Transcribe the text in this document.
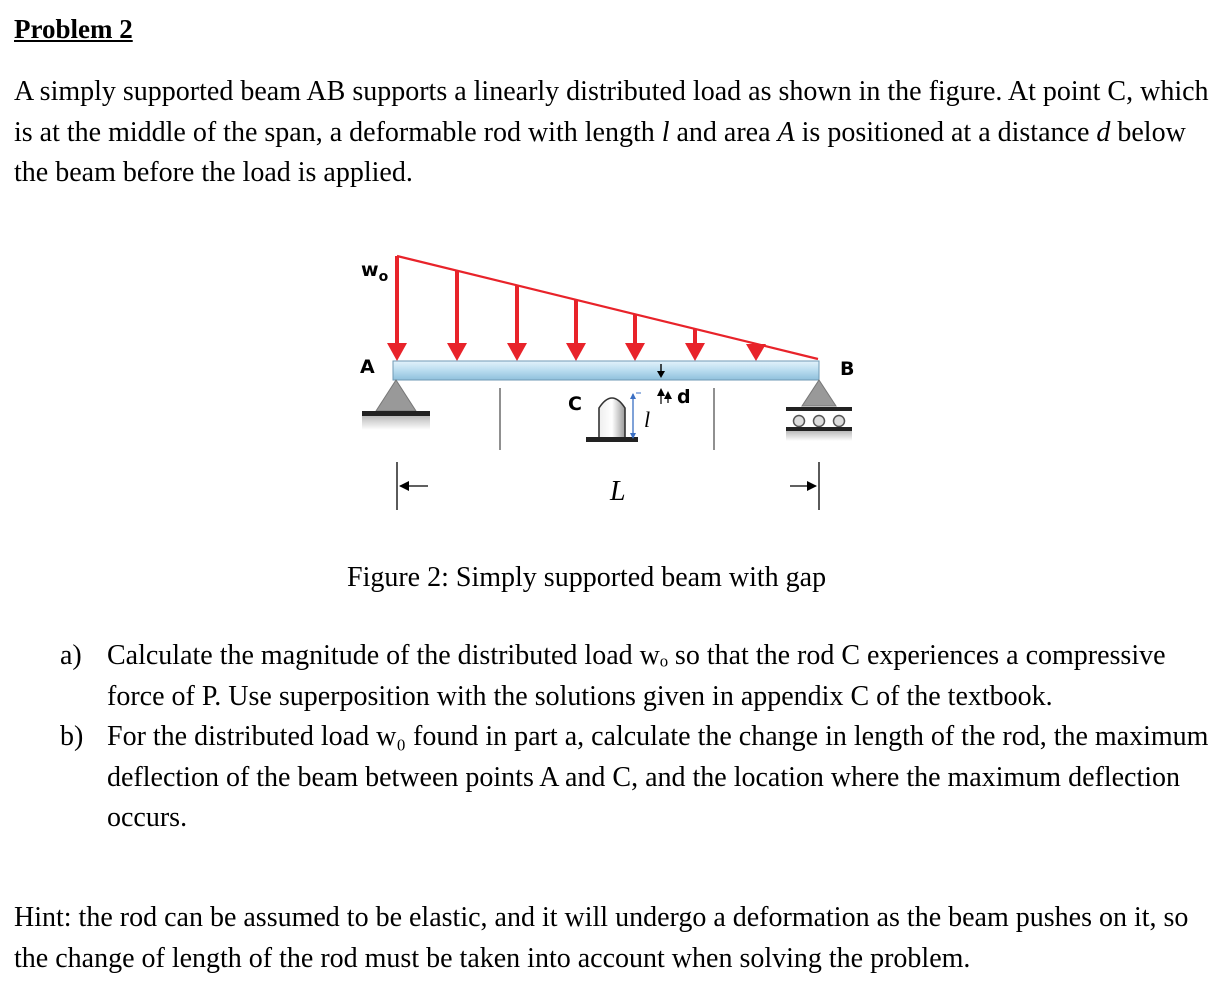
Problem 2
A simply supported beam AB supports a linearly distributed load as shown in the figure. At point C, which is at the middle of the span, a deformable rod with length l and area A is positioned at a distance d below the beam before the load is applied.
$w_o$
A	B
C	d
l
L
Figure 2: Simply supported beam with gap
a) Calculate the magnitude of the distributed load wₒ so that the rod C experiences a compressive force of P. Use superposition with the solutions given in appendix C of the textbook.
b) For the distributed load w₀ found in part a, calculate the change in length of the rod, the maximum deflection of the beam between points A and C, and the location where the maximum deflection occurs.
Hint: the rod can be assumed to be elastic, and it will undergo a deformation as the beam pushes on it, so the change of length of the rod must be taken into account when solving the problem.
